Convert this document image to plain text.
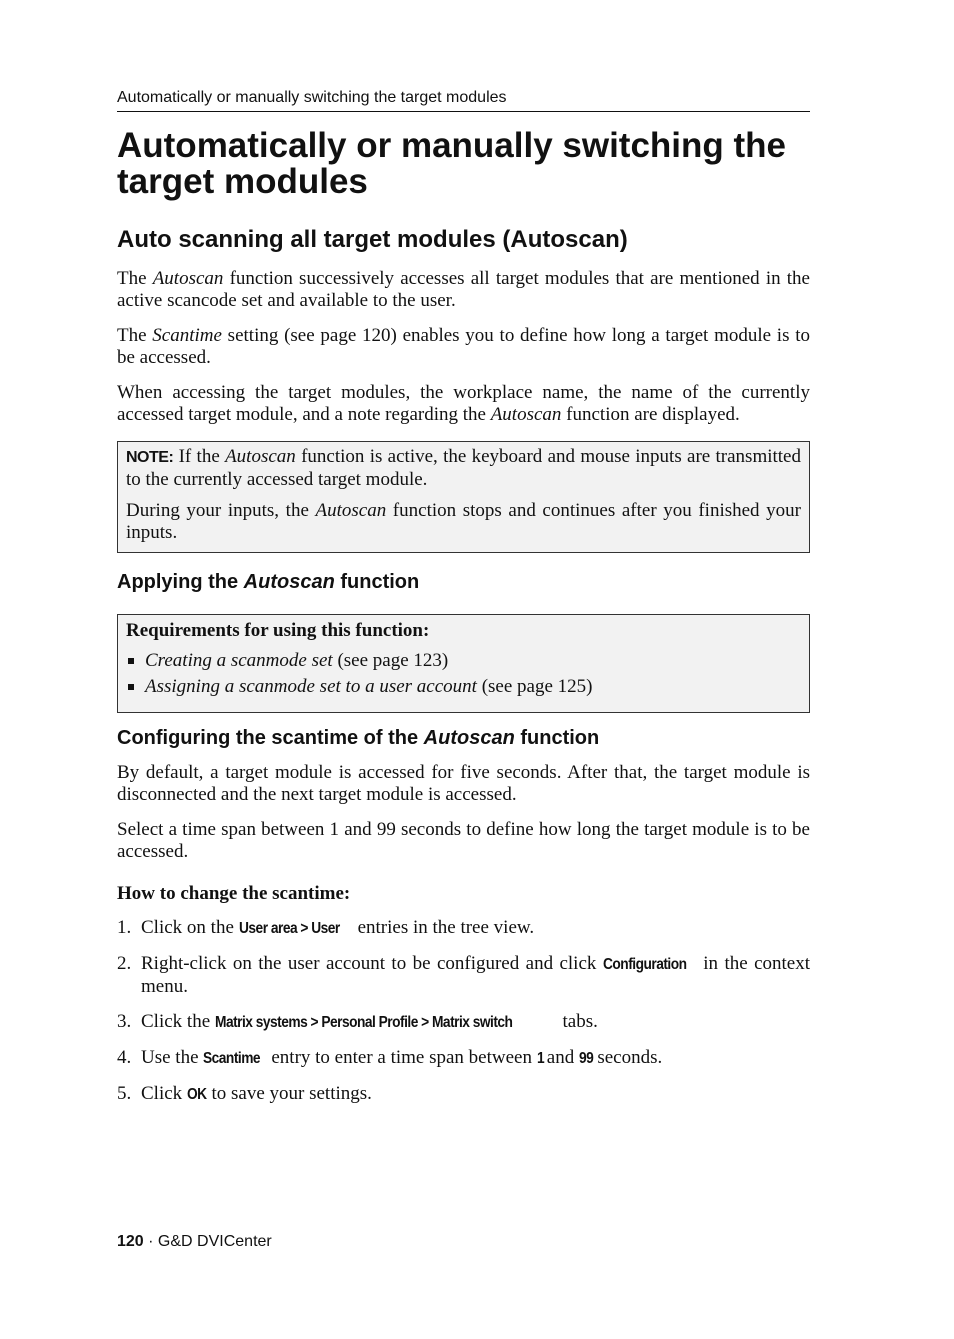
Automatically or manually switching the target modules
Automatically or manually switching the target modules
Auto scanning all target modules (Autoscan)

The Autoscan function successively accesses all target modules that are mentioned in the active scancode set and available to the user.

The Scantime setting (see page 120) enables you to define how long a target module is to be accessed.

When accessing the target modules, the workplace name, the name of the currently accessed target module, and a note regarding the Autoscan function are displayed.

NOTE: If the Autoscan function is active, the keyboard and mouse inputs are transmitted to the currently accessed target module.

During your inputs, the Autoscan function stops and continues after you finished your inputs.

Applying the Autoscan function
Requirements for using this function:
Creating a scanmode set (see page 123)
Assigning a scanmode set to a user account (see page 125)
Configuring the scantime of the Autoscan function

By default, a target module is accessed for five seconds. After that, the target module is disconnected and the next target module is accessed.

Select a time span between 1 and 99 seconds to define how long the target module is to be accessed.

How to change the scantime:

1. Click on the User area > User entries in the tree view.
2. Right-click on the user account to be configured and click Configuration in the context menu.
3. Click the Matrix systems > Personal Profile > Matrix switch tabs.
4. Use the Scantime entry to enter a time span between 1 and 99 seconds.
5. Click OK to save your settings.
120 · G&D DVICenter
